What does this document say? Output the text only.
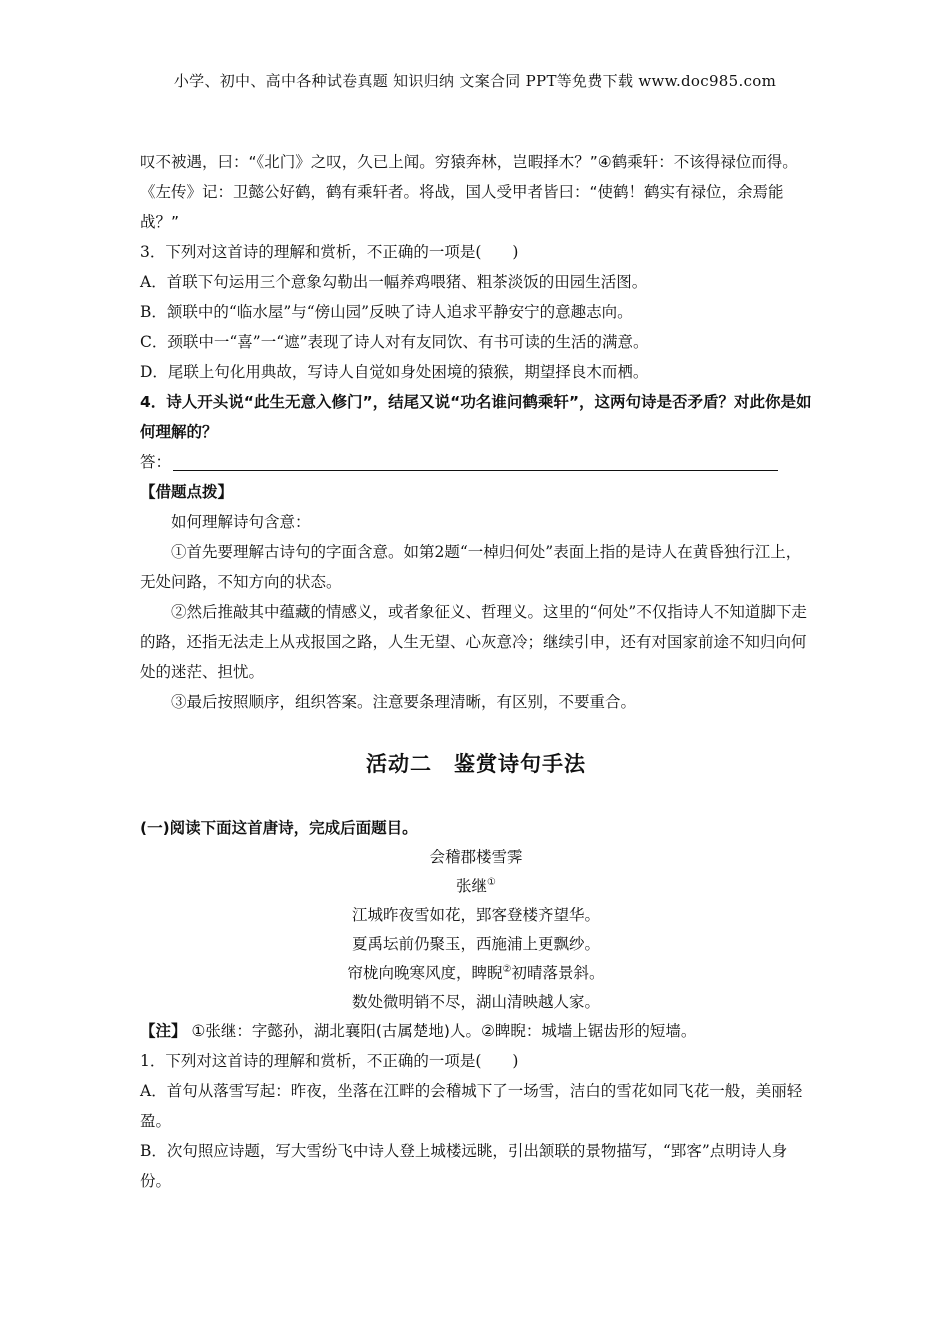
小学、初中、高中各种试卷真题 知识归纳 文案合同 PPT等免费下载 www.doc985.com

叹不被遇，曰：“《北门》之叹，久已上闻。穷猿奔林，岂暇择木？”④鹤乘轩：不该得禄位而得。《左传》记：卫懿公好鹤，鹤有乘轩者。将战，国人受甲者皆曰：“使鹤！鹤实有禄位，余焉能战？”

3．下列对这首诗的理解和赏析，不正确的一项是(　　)

A．首联下句运用三个意象勾勒出一幅养鸡喂猪、粗茶淡饭的田园生活图。

B．颔联中的“临水屋”与“傍山园”反映了诗人追求平静安宁的意趣志向。

C．颈联中一“喜”一“遮”表现了诗人对有友同饮、有书可读的生活的满意。

D．尾联上句化用典故，写诗人自觉如身处困境的猿猴，期望择良木而栖。

4．诗人开头说“此生无意入修门”，结尾又说“功名谁问鹤乘轩”，这两句诗是否矛盾？对此你是如何理解的？

答：

【借题点拨】

如何理解诗句含意：

①首先要理解古诗句的字面含意。如第2题“一棹归何处”表面上指的是诗人在黄昏独行江上，无处问路，不知方向的状态。

②然后推敲其中蕴藏的情感义，或者象征义、哲理义。这里的“何处”不仅指诗人不知道脚下走的路，还指无法走上从戎报国之路，人生无望、心灰意冷；继续引申，还有对国家前途不知归向何处的迷茫、担忧。

③最后按照顺序，组织答案。注意要条理清晰，有区别，不要重合。

活动二　鉴赏诗句手法

(一)阅读下面这首唐诗，完成后面题目。

会稽郡楼雪霁

张继①

江城昨夜雪如花，郢客登楼齐望华。

夏禹坛前仍聚玉，西施浦上更飘纱。

帘栊向晚寒风度，睥睨②初晴落景斜。

数处微明销不尽，湖山清映越人家。

【注】 ①张继：字懿孙，湖北襄阳(古属楚地)人。②睥睨：城墙上锯齿形的短墙。

1．下列对这首诗的理解和赏析，不正确的一项是(　　)

A．首句从落雪写起：昨夜，坐落在江畔的会稽城下了一场雪，洁白的雪花如同飞花一般，美丽轻盈。

B．次句照应诗题，写大雪纷飞中诗人登上城楼远眺，引出颔联的景物描写，“郢客”点明诗人身份。
